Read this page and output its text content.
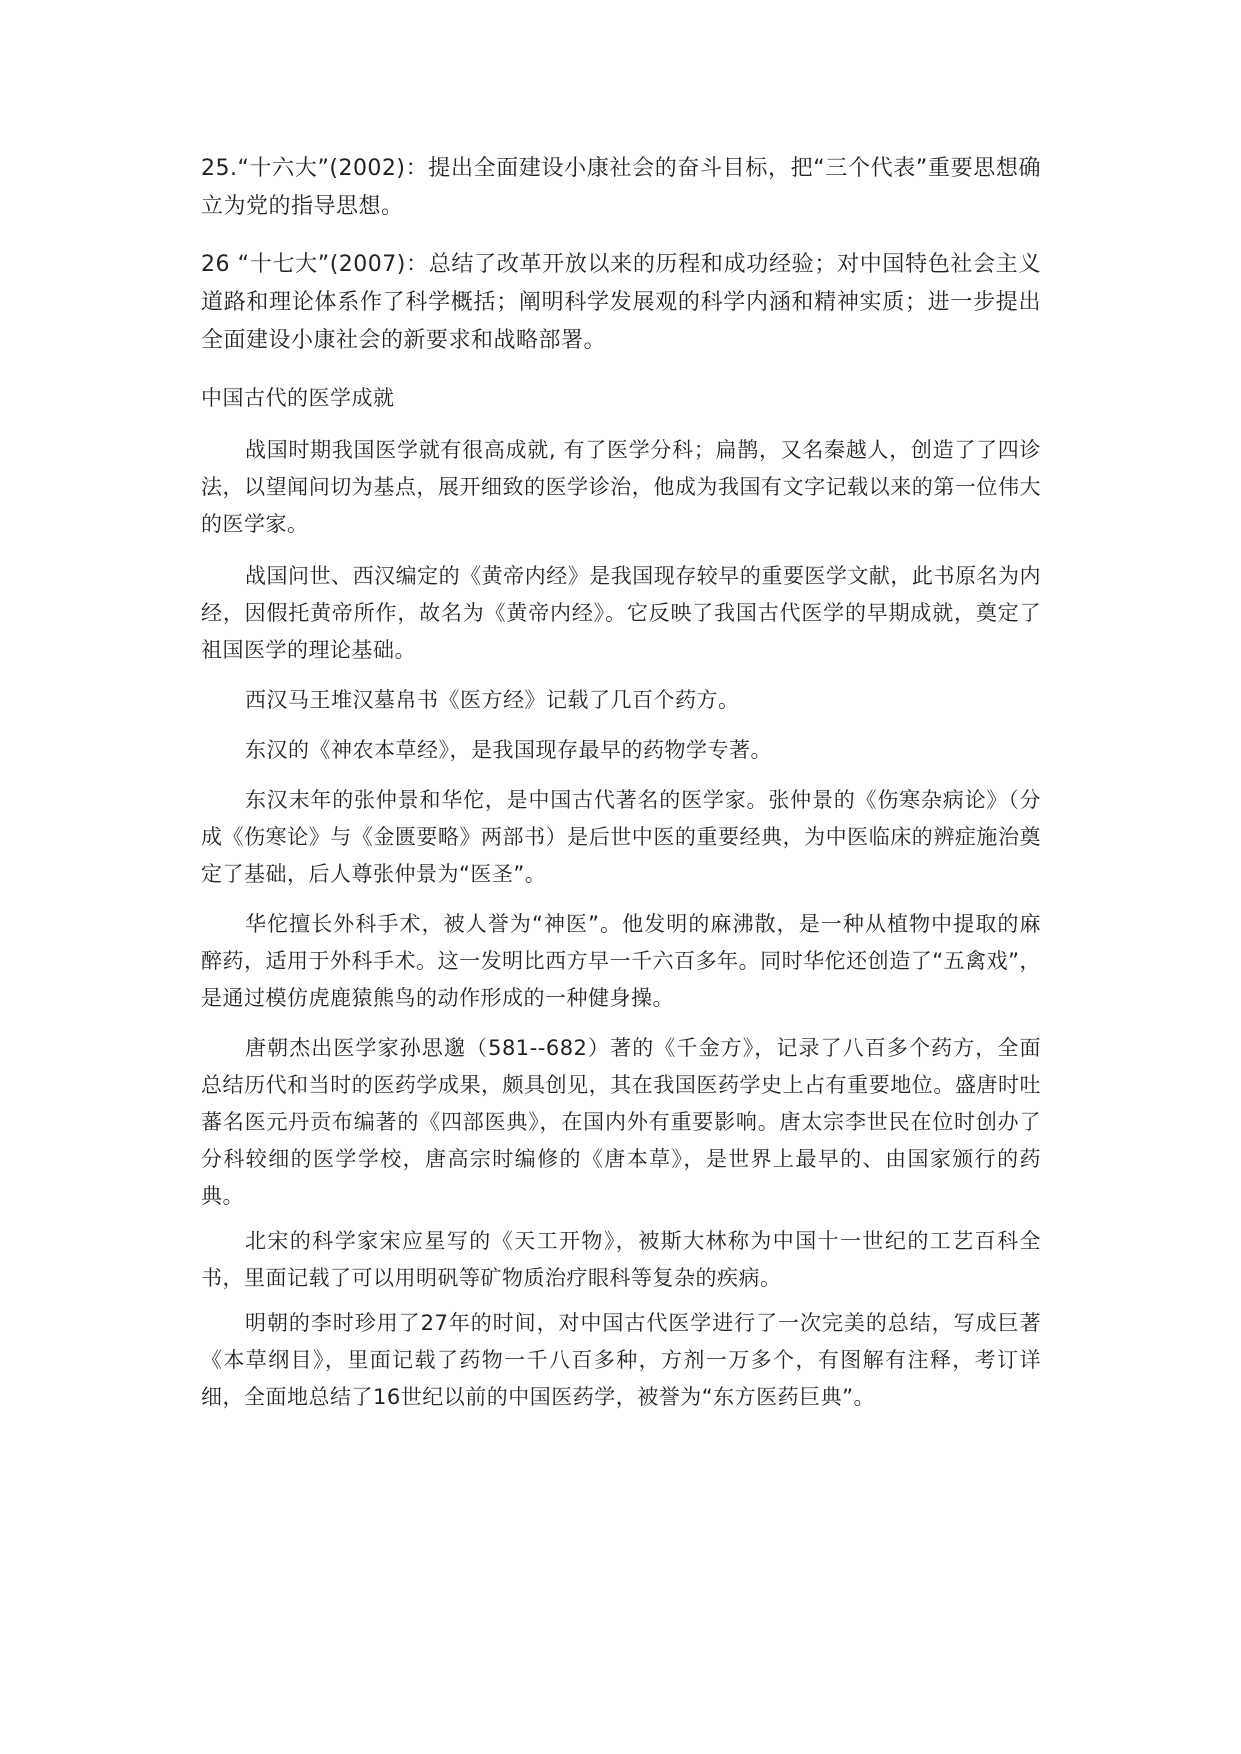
25.“十六大”(2002)：提出全面建设小康社会的奋斗目标，把“三个代表”重要思想确立为党的指导思想。

26 “十七大”(2007)：总结了改革开放以来的历程和成功经验；对中国特色社会主义道路和理论体系作了科学概括；阐明科学发展观的科学内涵和精神实质；进一步提出全面建设小康社会的新要求和战略部署。

中国古代的医学成就

战国时期我国医学就有很高成就, 有了医学分科；扁鹊，又名秦越人，创造了了四诊法，以望闻问切为基点，展开细致的医学诊治，他成为我国有文字记载以来的第一位伟大的医学家。

战国问世、西汉编定的《黄帝内经》是我国现存较早的重要医学文献，此书原名为内经，因假托黄帝所作，故名为《黄帝内经》。它反映了我国古代医学的早期成就，奠定了祖国医学的理论基础。

西汉马王堆汉墓帛书《医方经》记载了几百个药方。

东汉的《神农本草经》，是我国现存最早的药物学专著。

东汉末年的张仲景和华佗，是中国古代著名的医学家。张仲景的《伤寒杂病论》（分成《伤寒论》与《金匮要略》两部书）是后世中医的重要经典，为中医临床的辨症施治奠定了基础，后人尊张仲景为“医圣”。

华佗擅长外科手术，被人誉为“神医”。他发明的麻沸散，是一种从植物中提取的麻醉药，适用于外科手术。这一发明比西方早一千六百多年。同时华佗还创造了“五禽戏”，是通过模仿虎鹿猿熊鸟的动作形成的一种健身操。

唐朝杰出医学家孙思邈（581--682）著的《千金方》，记录了八百多个药方，全面总结历代和当时的医药学成果，颇具创见，其在我国医药学史上占有重要地位。盛唐时吐蕃名医元丹贡布编著的《四部医典》，在国内外有重要影响。唐太宗李世民在位时创办了分科较细的医学学校，唐高宗时编修的《唐本草》，是世界上最早的、由国家颁行的药典。

北宋的科学家宋应星写的《天工开物》，被斯大林称为中国十一世纪的工艺百科全书，里面记载了可以用明矾等矿物质治疗眼科等复杂的疾病。

明朝的李时珍用了27年的时间，对中国古代医学进行了一次完美的总结，写成巨著《本草纲目》，里面记载了药物一千八百多种，方剂一万多个，有图解有注释，考订详细，全面地总结了16世纪以前的中国医药学，被誉为“东方医药巨典”。
